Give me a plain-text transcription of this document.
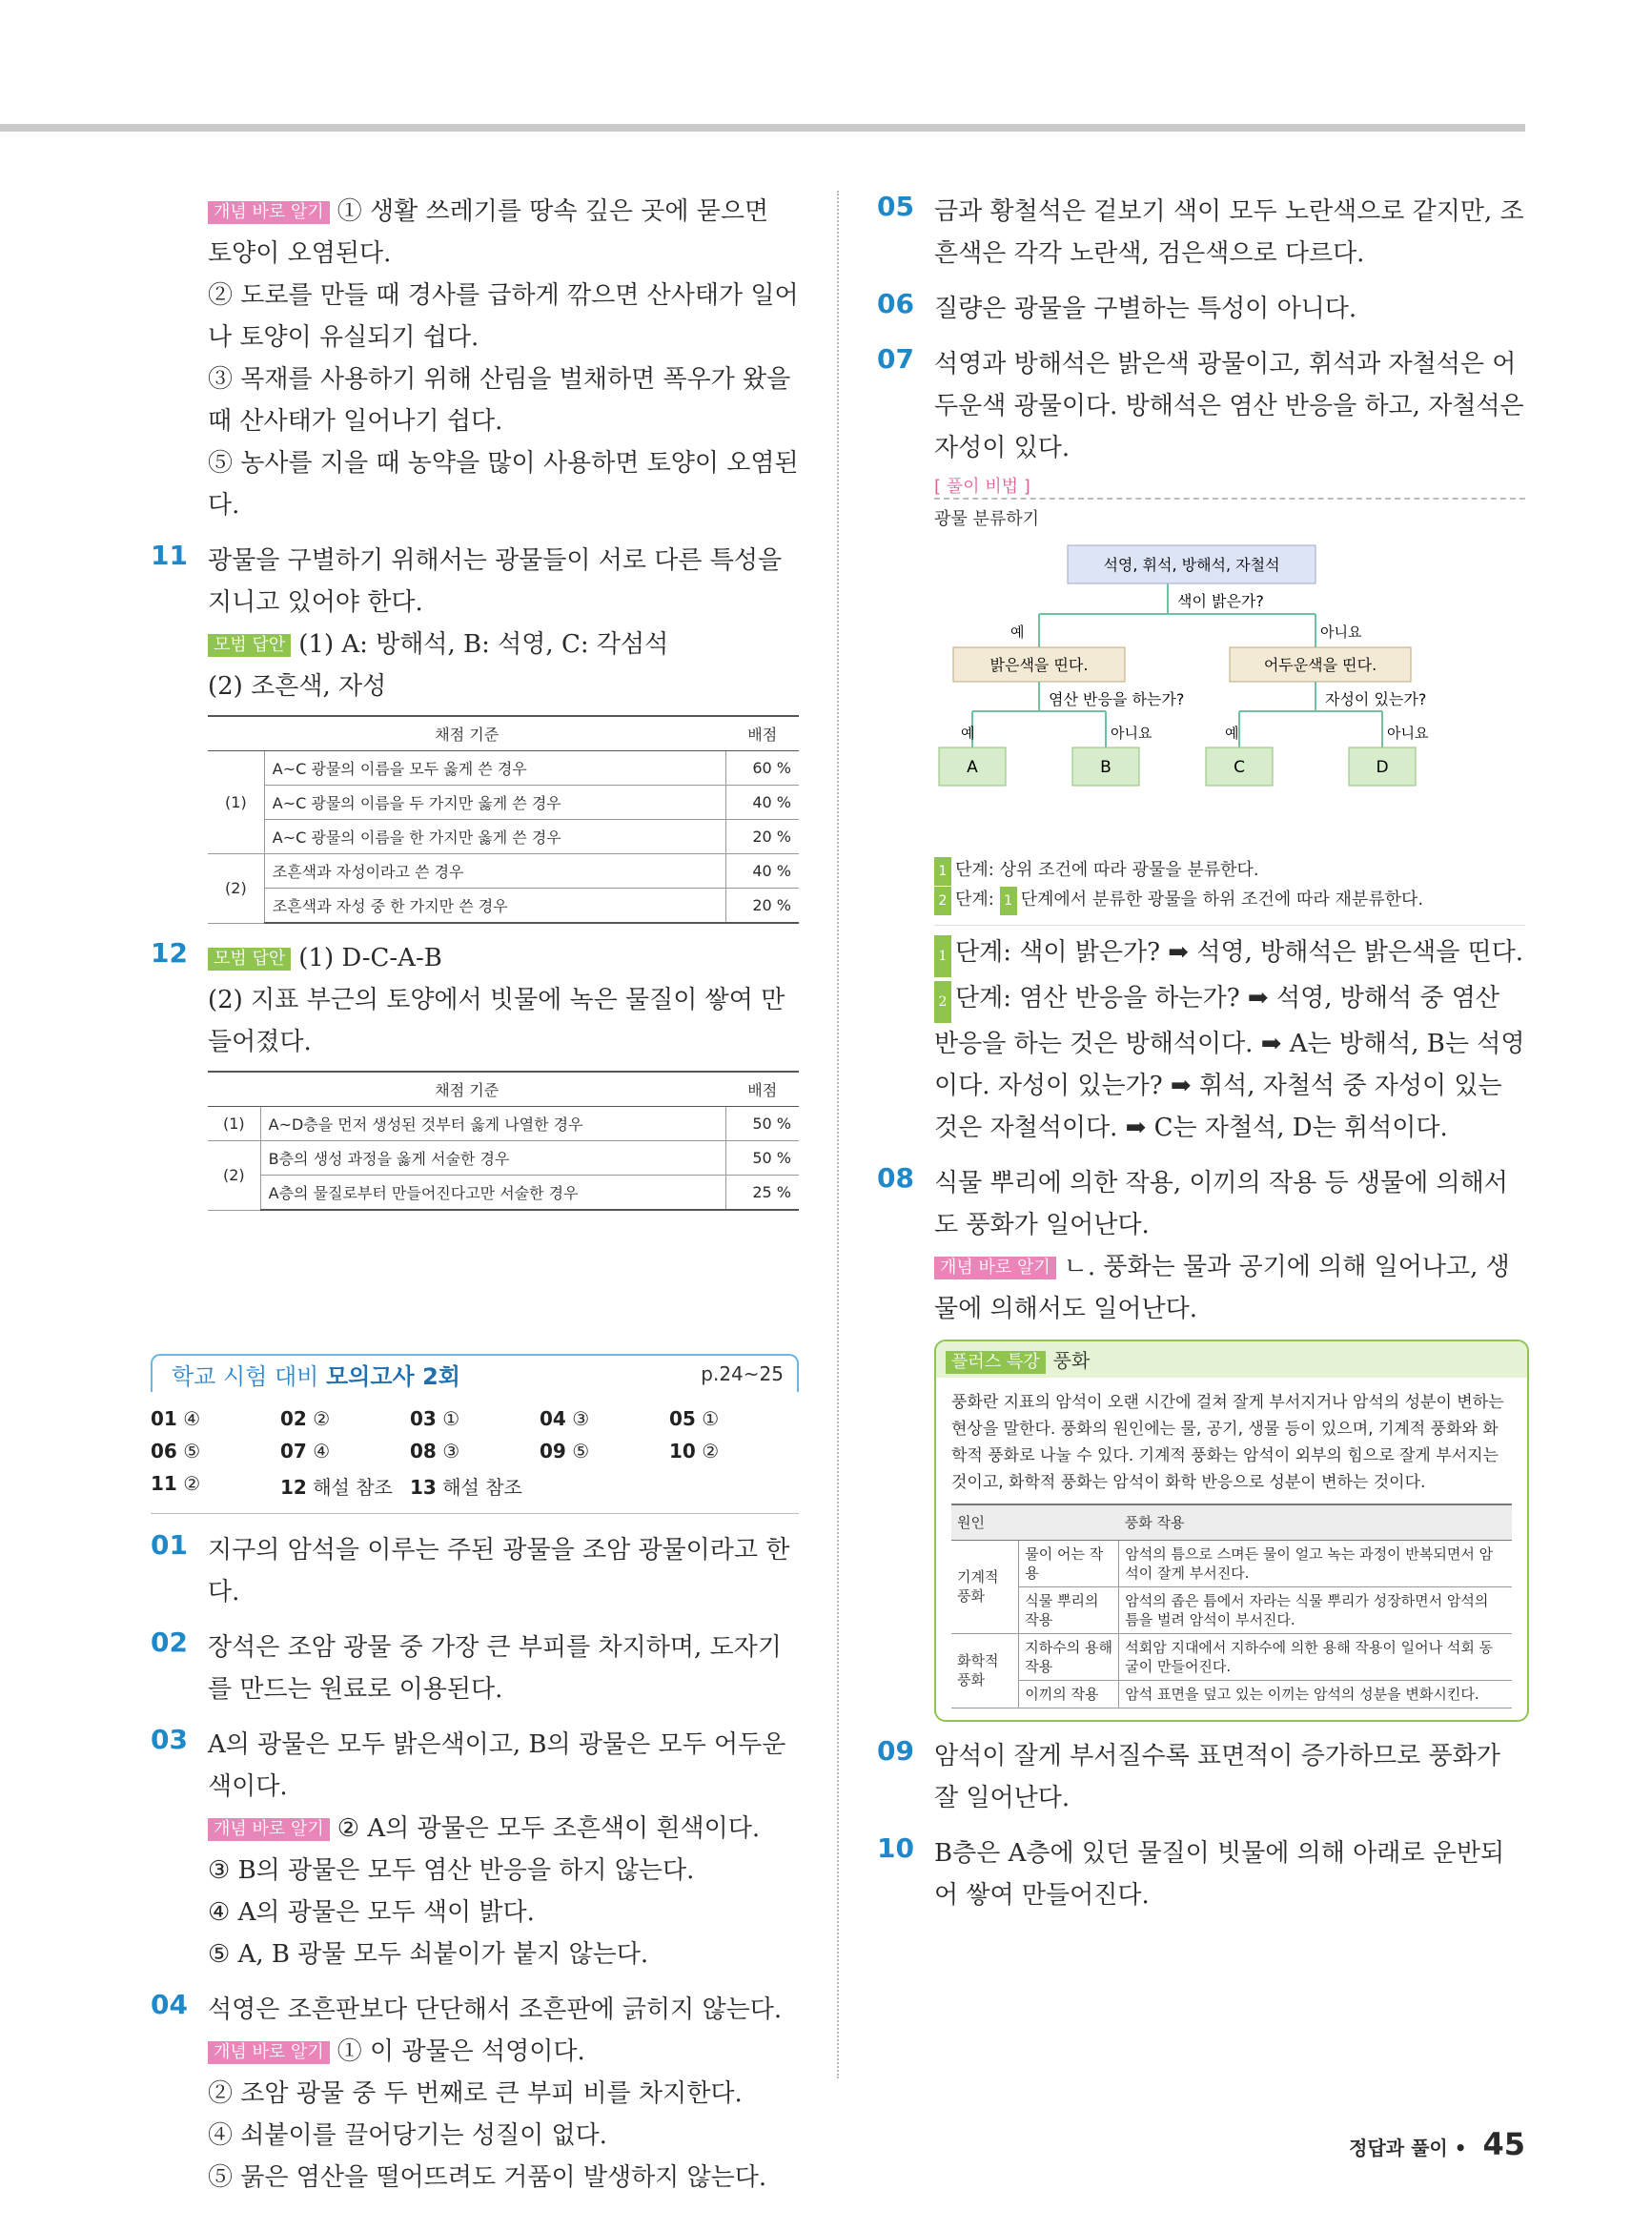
개념 바로 알기 ① 생활 쓰레기를 땅속 깊은 곳에 묻으면 토양이 오염된다.

② 도로를 만들 때 경사를 급하게 깎으면 산사태가 일어나 토양이 유실되기 쉽다.

③ 목재를 사용하기 위해 산림을 벌채하면 폭우가 왔을 때 산사태가 일어나기 쉽다.

⑤ 농사를 지을 때 농약을 많이 사용하면 토양이 오염된다.

11 광물을 구별하기 위해서는 광물들이 서로 다른 특성을 지니고 있어야 한다.

모범 답안 (1) A: 방해석, B: 석영, C: 각섬석

(2) 조흔색, 자성

채점 기준		배점
(1)	A~C 광물의 이름을 모두 옳게 쓴 경우	60 %
	A~C 광물의 이름을 두 가지만 옳게 쓴 경우	40 %
	A~C 광물의 이름을 한 가지만 옳게 쓴 경우	20 %
(2)	조흔색과 자성이라고 쓴 경우	40 %
	조흔색과 자성 중 한 가지만 쓴 경우	20 %
12	모범 답안 (1) D-C-A-B

(2) 지표 부근의 토양에서 빗물에 녹은 물질이 쌓여 만들어졌다.

채점 기준		배점
(1)	A~D층을 먼저 생성된 것부터 옳게 나열한 경우	50 %
(2)	B층의 생성 과정을 옳게 서술한 경우	50 %
	A층의 물질로부터 만들어진다고만 서술한 경우	25 %
학교 시험 대비 모의고사 2회	p.24~25
01 ④	02 ②	03 ①	04 ③	05 ①
06 ⑤	07 ④	08 ③	09 ⑤	10 ②
11 ②	12 해설 참조 13 해설 참조
01 지구의 암석을 이루는 주된 광물을 조암 광물이라고 한다.

02 장석은 조암 광물 중 가장 큰 부피를 차지하며, 도자기를 만드는 원료로 이용된다.

03 A의 광물은 모두 밝은색이고, B의 광물은 모두 어두운색이다.

개념 바로 알기 ② A의 광물은 모두 조흔색이 흰색이다.

③ B의 광물은 모두 염산 반응을 하지 않는다.

④ A의 광물은 모두 색이 밝다.

⑤ A, B 광물 모두 쇠붙이가 붙지 않는다.

04 석영은 조흔판보다 단단해서 조흔판에 긁히지 않는다.

개념 바로 알기 ① 이 광물은 석영이다.

② 조암 광물 중 두 번째로 큰 부피 비를 차지한다.

④ 쇠붙이를 끌어당기는 성질이 없다.

⑤ 묽은 염산을 떨어뜨려도 거품이 발생하지 않는다.

05 금과 황철석은 겉보기 색이 모두 노란색으로 같지만, 조흔색은 각각 노란색, 검은색으로 다르다.

06 질량은 광물을 구별하는 특성이 아니다.

07 석영과 방해석은 밝은색 광물이고, 휘석과 자철석은 어두운색 광물이다. 방해석은 염산 반응을 하고, 자철석은 자성이 있다.

[ 풀이 비법 ]
광물 분류하기
석영, 휘석, 방해석, 자철석
색이 밝은가?
예	아니요
밝은색을 띤다.	어두운색을 띤다.
염산 반응을 하는가?	자성이 있는가?
예	아니요	예	아니요
A	B	C	D
1 단계: 상위 조건에 따라 광물을 분류한다.
2 단계: 1 단계에서 분류한 광물을 하위 조건에 따라 재분류한다.

1 단계: 색이 밝은가? ➡ 석영, 방해석은 밝은색을 띤다.

2 단계: 염산 반응을 하는가? ➡ 석영, 방해석 중 염산 반응을 하는 것은 방해석이다. ➡ A는 방해석, B는 석영이다. 자성이 있는가? ➡ 휘석, 자철석 중 자성이 있는 것은 자철석이다. ➡ C는 자철석, D는 휘석이다.

08 식물 뿌리에 의한 작용, 이끼의 작용 등 생물에 의해서도 풍화가 일어난다.

개념 바로 알기 ㄴ. 풍화는 물과 공기에 의해 일어나고, 생물에 의해서도 일어난다.

플러스 특강 풍화
풍화란 지표의 암석이 오랜 시간에 걸쳐 잘게 부서지거나 암석의 성분이 변하는 현상을 말한다. 풍화의 원인에는 물, 공기, 생물 등이 있으며, 기계적 풍화와 화학적 풍화로 나눌 수 있다. 기계적 풍화는 암석이 외부의 힘으로 잘게 부서지는 것이고, 화학적 풍화는 암석이 화학 반응으로 성분이 변하는 것이다.
원인		풍화 작용
기계적 풍화	물이 어는 작용	암석의 틈으로 스며든 물이 얼고 녹는 과정이 반복되면서 암석이 잘게 부서진다.
	식물 뿌리의 작용	암석의 좁은 틈에서 자라는 식물 뿌리가 성장하면서 암석의 틈을 벌려 암석이 부서진다.
화학적 풍화	지하수의 용해 작용	석회암 지대에서 지하수에 의한 용해 작용이 일어나 석회 동굴이 만들어진다.
	이끼의 작용	암석 표면을 덮고 있는 이끼는 암석의 성분을 변화시킨다.
09 암석이 잘게 부서질수록 표면적이 증가하므로 풍화가 잘 일어난다.

10 B층은 A층에 있던 물질이 빗물에 의해 아래로 운반되어 쌓여 만들어진다.

정답과 풀이 • 45
